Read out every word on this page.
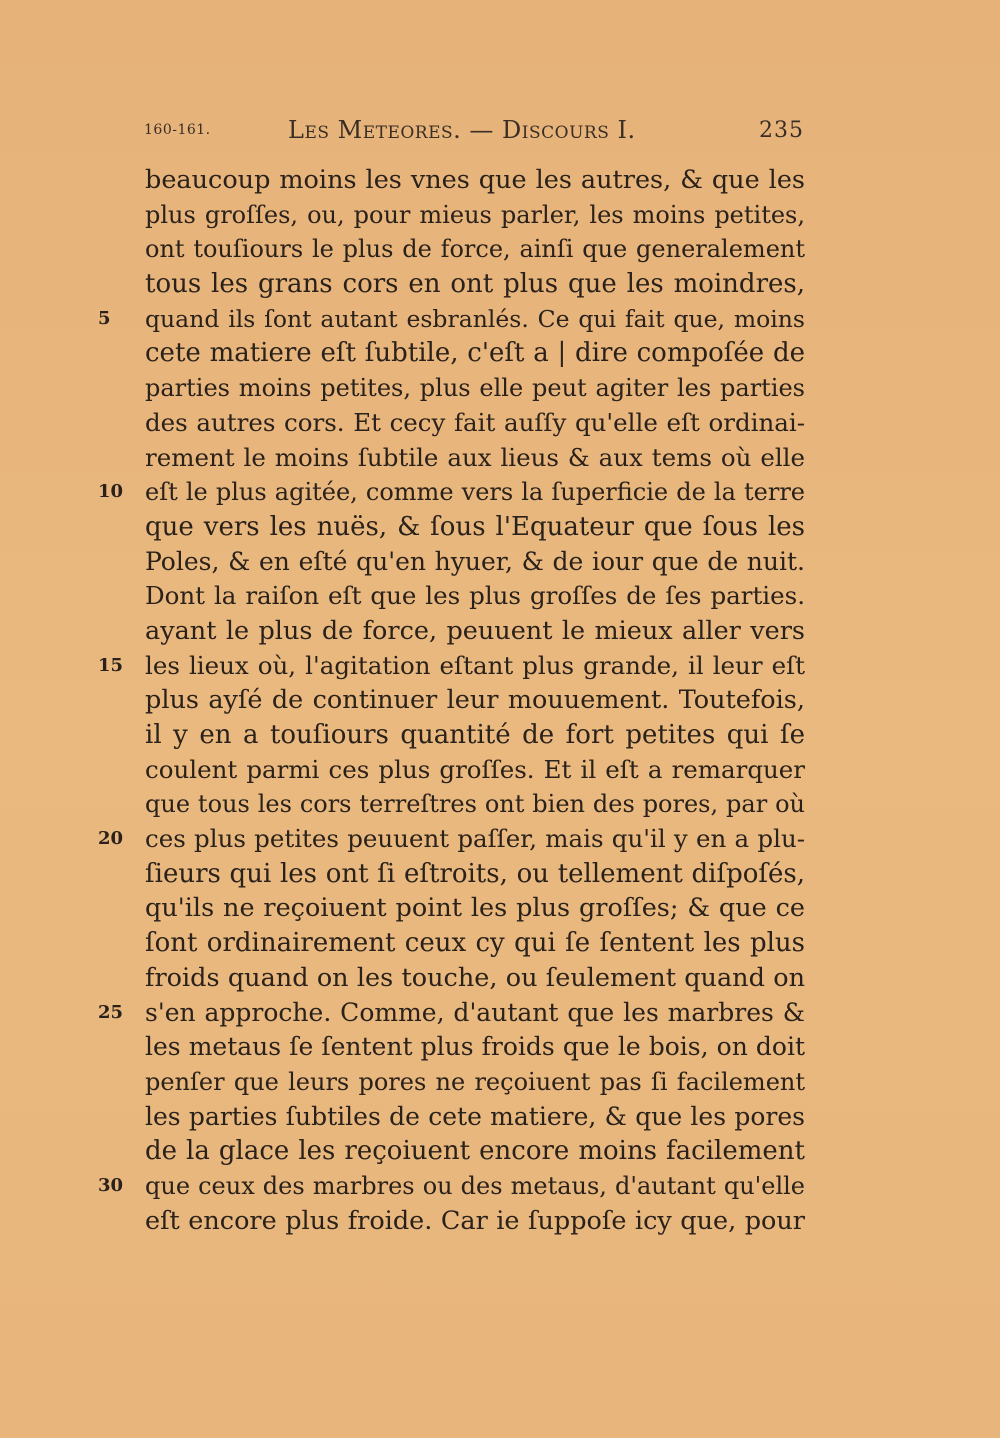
160-161.	Les Meteores. — Discours I.	235
beaucoup moins les vnes que les autres, & que les
plus groſſes, ou, pour mieus parler, les moins petites,
ont touſiours le plus de force, ainſi que generalement
tous les grans cors en ont plus que les moindres,
5	quand ils ſont autant esbranlés. Ce qui fait que, moins
cete matiere eſt ſubtile, c'eſt a | dire compoſée de
parties moins petites, plus elle peut agiter les parties
des autres cors. Et cecy fait auſſy qu'elle eſt ordinai-
rement le moins ſubtile aux lieus & aux tems où elle
10 eſt le plus agitée, comme vers la ſuperficie de la terre
que vers les nuës, & ſous l'Equateur que ſous les
Poles, & en eſté qu'en hyuer, & de iour que de nuit.
Dont la raiſon eſt que les plus groſſes de ſes parties.
ayant le plus de force, peuuent le mieux aller vers
15 les lieux où, l'agitation eſtant plus grande, il leur eſt
plus ayſé de continuer leur mouuement. Toutefois,
il y en a touſiours quantité de fort petites qui ſe
coulent parmi ces plus groſſes. Et il eſt a remarquer
que tous les cors terreſtres ont bien des pores, par où
20 ces plus petites peuuent paſſer, mais qu'il y en a plu-
ſieurs qui les ont ſi eſtroits, ou tellement diſpoſés,
qu'ils ne reçoiuent point les plus groſſes; & que ce
ſont ordinairement ceux cy qui ſe ſentent les plus
froids quand on les touche, ou ſeulement quand on
25 s'en approche. Comme, d'autant que les marbres &
les metaus ſe ſentent plus froids que le bois, on doit
penſer que leurs pores ne reçoiuent pas ſi facilement
les parties ſubtiles de cete matiere, & que les pores
de la glace les reçoiuent encore moins facilement
30 que ceux des marbres ou des metaus, d'autant qu'elle
eſt encore plus froide. Car ie ſuppoſe icy que, pour
